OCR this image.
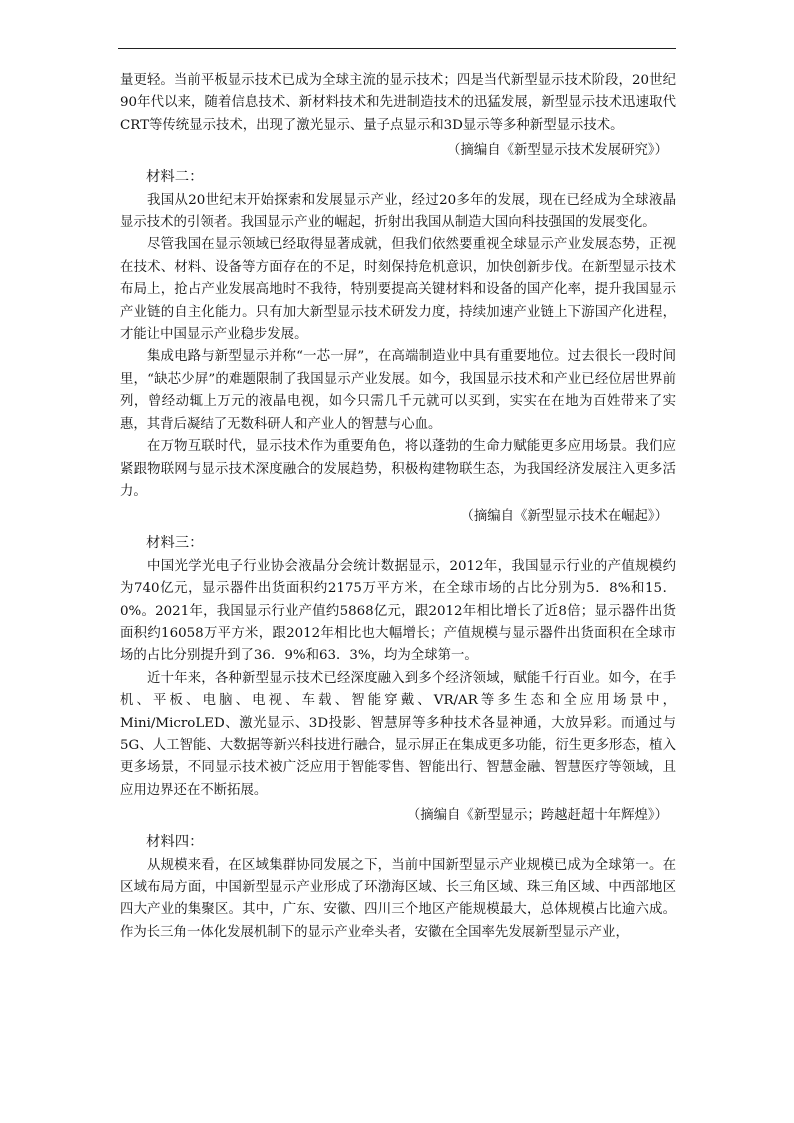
量更轻。当前平板显示技术已成为全球主流的显示技术；四是当代新型显示技术阶段，20世纪90年代以来，随着信息技术、新材料技术和先进制造技术的迅猛发展，新型显示技术迅速取代CRT等传统显示技术，出现了激光显示、量子点显示和3D显示等多种新型显示技术。

（摘编自《新型显示技术发展研究》）

材料二：

我国从20世纪末开始探索和发展显示产业，经过20多年的发展，现在已经成为全球液晶显示技术的引领者。我国显示产业的崛起，折射出我国从制造大国向科技强国的发展变化。

尽管我国在显示领域已经取得显著成就，但我们依然要重视全球显示产业发展态势，正视在技术、材料、设备等方面存在的不足，时刻保持危机意识，加快创新步伐。在新型显示技术布局上，抢占产业发展高地时不我待，特别要提高关键材料和设备的国产化率，提升我国显示产业链的自主化能力。只有加大新型显示技术研发力度，持续加速产业链上下游国产化进程，才能让中国显示产业稳步发展。

集成电路与新型显示并称“一芯一屏”，在高端制造业中具有重要地位。过去很长一段时间里，“缺芯少屏”的难题限制了我国显示产业发展。如今，我国显示技术和产业已经位居世界前列，曾经动辄上万元的液晶电视，如今只需几千元就可以买到，实实在在地为百姓带来了实惠，其背后凝结了无数科研人和产业人的智慧与心血。

在万物互联时代，显示技术作为重要角色，将以蓬勃的生命力赋能更多应用场景。我们应紧跟物联网与显示技术深度融合的发展趋势，积极构建物联生态，为我国经济发展注入更多活力。

（摘编自《新型显示技术在崛起》）

材料三：

中国光学光电子行业协会液晶分会统计数据显示，2012年，我国显示行业的产值规模约为740亿元，显示器件出货面积约2175万平方米，在全球市场的占比分别为5．8%和15．0%。2021年，我国显示行业产值约5868亿元，跟2012年相比增长了近8倍；显示器件出货面积约16058万平方米，跟2012年相比也大幅增长；产值规模与显示器件出货面积在全球市场的占比分别提升到了36．9%和63．3%，均为全球第一。

近十年来，各种新型显示技术已经深度融入到多个经济领域，赋能千行百业。如今，在手机、平板、电脑、电视、车载、智能穿戴、VR/AR等多生态和全应用场景中，Mini/MicroLED、激光显示、3D投影、智慧屏等多种技术各显神通，大放异彩。而通过与5G、人工智能、大数据等新兴科技进行融合，显示屏正在集成更多功能，衍生更多形态，植入更多场景，不同显示技术被广泛应用于智能零售、智能出行、智慧金融、智慧医疗等领域，且应用边界还在不断拓展。

（摘编自《新型显示；跨越赶超十年辉煌》）

材料四：

从规模来看，在区域集群协同发展之下，当前中国新型显示产业规模已成为全球第一。在区域布局方面，中国新型显示产业形成了环渤海区域、长三角区域、珠三角区域、中西部地区四大产业的集聚区。其中，广东、安徽、四川三个地区产能规模最大，总体规模占比逾六成。作为长三角一体化发展机制下的显示产业牵头者，安徽在全国率先发展新型显示产业，
